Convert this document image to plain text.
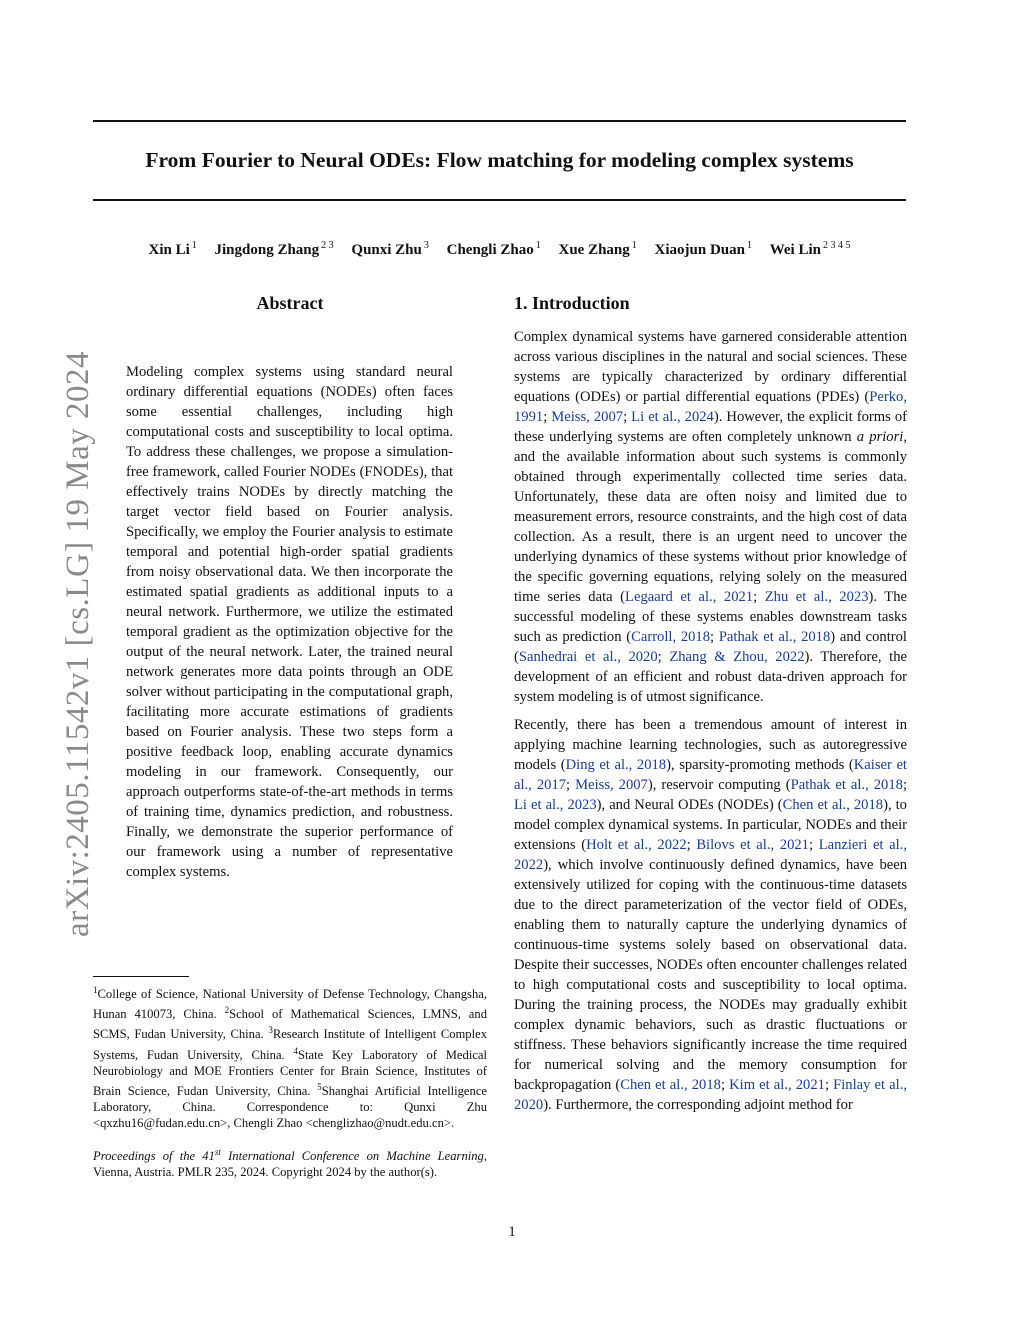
From Fourier to Neural ODEs: Flow matching for modeling complex systems
Xin Li $^1$ Jingdong Zhang $^{2 3}$ Qunxi Zhu $^3$ Chengli Zhao $^1$ Xue Zhang $^1$ Xiaojun Duan $^1$ Wei Lin $^{2 3 4 5}$
arXiv:2405.11542v1 [cs.LG] 19 May 2024
Abstract

Modeling complex systems using standard neural ordinary differential equations (NODEs) often faces some essential challenges, including high computational costs and susceptibility to local optima. To address these challenges, we propose a simulation-free framework, called Fourier NODEs (FNODEs), that effectively trains NODEs by directly matching the target vector field based on Fourier analysis. Specifically, we employ the Fourier analysis to estimate temporal and potential high-order spatial gradients from noisy observational data. We then incorporate the estimated spatial gradients as additional inputs to a neural network. Furthermore, we utilize the estimated temporal gradient as the optimization objective for the output of the neural network. Later, the trained neural network generates more data points through an ODE solver without participating in the computational graph, facilitating more accurate estimations of gradients based on Fourier analysis. These two steps form a positive feedback loop, enabling accurate dynamics modeling in our framework. Consequently, our approach outperforms state-of-the-art methods in terms of training time, dynamics prediction, and robustness. Finally, we demonstrate the superior performance of our framework using a number of representative complex systems.

$^1$College of Science, National University of Defense Technology, Changsha, Hunan 410073, China. $^2$School of Mathematical Sciences, LMNS, and SCMS, Fudan University, China. $^3$Research Institute of Intelligent Complex Systems, Fudan University, China. $^4$State Key Laboratory of Medical Neurobiology and MOE Frontiers Center for Brain Science, Institutes of Brain Science, Fudan University, China. $^5$Shanghai Artificial Intelligence Laboratory, China. Correspondence to: Qunxi Zhu <qxzhu16@fudan.edu.cn>, Chengli Zhao <chenglizhao@nudt.edu.cn>.

Proceedings of the 41st International Conference on Machine Learning, Vienna, Austria. PMLR 235, 2024. Copyright 2024 by the author(s).

1. Introduction

Complex dynamical systems have garnered considerable attention across various disciplines in the natural and social sciences. These systems are typically characterized by ordinary differential equations (ODEs) or partial differential equations (PDEs) (Perko, 1991; Meiss, 2007; Li et al., 2024). However, the explicit forms of these underlying systems are often completely unknown a priori, and the available information about such systems is commonly obtained through experimentally collected time series data. Unfortunately, these data are often noisy and limited due to measurement errors, resource constraints, and the high cost of data collection. As a result, there is an urgent need to uncover the underlying dynamics of these systems without prior knowledge of the specific governing equations, relying solely on the measured time series data (Legaard et al., 2021; Zhu et al., 2023). The successful modeling of these systems enables downstream tasks such as prediction (Carroll, 2018; Pathak et al., 2018) and control (Sanhedrai et al., 2020; Zhang & Zhou, 2022). Therefore, the development of an efficient and robust data-driven approach for system modeling is of utmost significance.

Recently, there has been a tremendous amount of interest in applying machine learning technologies, such as autoregressive models (Ding et al., 2018), sparsity-promoting methods (Kaiser et al., 2017; Meiss, 2007), reservoir computing (Pathak et al., 2018; Li et al., 2023), and Neural ODEs (NODEs) (Chen et al., 2018), to model complex dynamical systems. In particular, NODEs and their extensions (Holt et al., 2022; Bilovs et al., 2021; Lanzieri et al., 2022), which involve continuously defined dynamics, have been extensively utilized for coping with the continuous-time datasets due to the direct parameterization of the vector field of ODEs, enabling them to naturally capture the underlying dynamics of continuous-time systems solely based on observational data. Despite their successes, NODEs often encounter challenges related to high computational costs and susceptibility to local optima. During the training process, the NODEs may gradually exhibit complex dynamic behaviors, such as drastic fluctuations or stiffness. These behaviors significantly increase the time required for numerical solving and the memory consumption for backpropagation (Chen et al., 2018; Kim et al., 2021; Finlay et al., 2020). Furthermore, the corresponding adjoint method for

1
